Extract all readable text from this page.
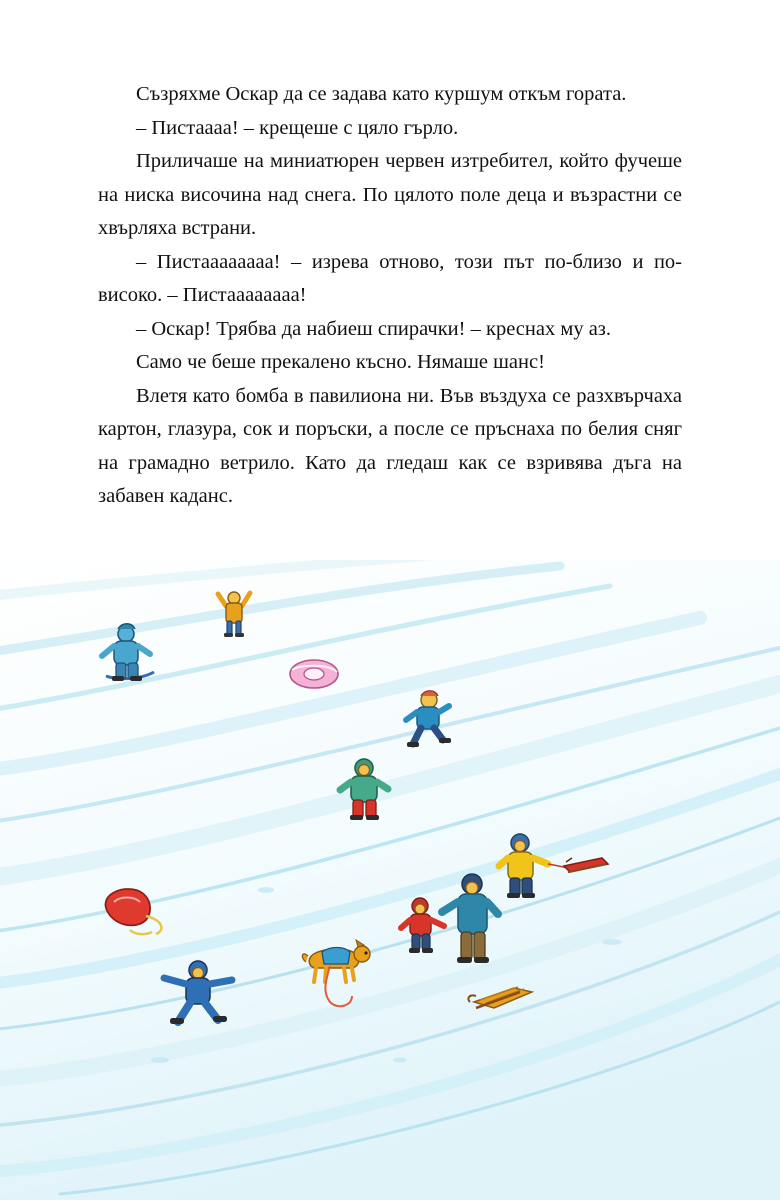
Съзряхме Оскар да се задава като куршум откъм гората.

– Пистаааа! – крещеше с цяло гърло.

Приличаше на миниатюрен червен изтребител, който фучеше на ниска височина над снега. По цялото поле деца и възрастни се хвърляха встрани.

– Пистаааааааа! – изрева отново, този път по-близо и по-високо. – Пистаааааааа!

– Оскар! Трябва да набиеш спирачки! – креснах му аз.

Само че беше прекалено късно. Нямаше шанс!

Влетя като бомба в павилиона ни. Във въздуха се разхвърчаха картон, глазура, сок и поръски, а после се пръснаха по белия сняг на грамадно ветрило. Като да гледаш как се взривява дъга на забавен каданс.
